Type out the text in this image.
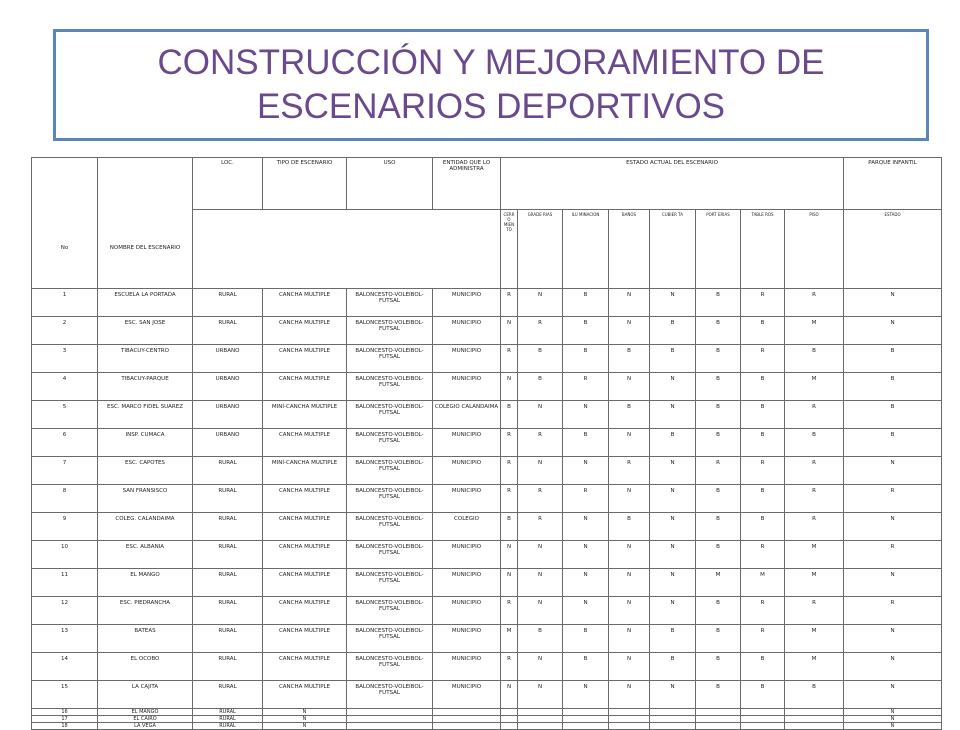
CONSTRUCCIÓN Y MEJORAMIENTO DE
ESCENARIOS DEPORTIVOS
No	NOMBRE DEL ESCENARIO	LOC.	TIPO DE ESCENARIO	USO	ENTIDAD QUE LO ADMINISTRA	ESTADO ACTUAL DEL ESCENARIO								PARQUE INFANTIL
						CERR O MIEN TO	GRADE RIAS	ILU MINACION	BAÑOS	CUBIER TA	PORT ERIAS	TABLE ROS	PISO	ESTADO
1	ESCUELA LA PORTADA	RURAL	CANCHA MULTIPLE	BALONCESTO-VOLEIBOL-FUTSAL	MUNICIPIO	R	N	B	N	N	B	R	R	N
2	ESC. SAN JOSE	RURAL	CANCHA MULTIPLE	BALONCESTO-VOLEIBOL-FUTSAL	MUNICIPIO	N	R	B	N	B	B	B	M	N
3	TIBACUY-CENTRO	URBANO	CANCHA MULTIPLE	BALONCESTO-VOLEIBOL-FUTSAL	MUNICIPIO	R	B	B	B	B	B	R	B	B
4	TIBACUY-PARQUE	URBANO	CANCHA MULTIPLE	BALONCESTO-VOLEIBOL-FUTSAL	MUNICIPIO	N	B	R	N	N	B	B	M	B
5	ESC. MARCO FIDEL SUAREZ	URBANO	MINI-CANCHA MULTIPLE	BALONCESTO-VOLEIBOL-FUTSAL	COLEGIO CALANDAIMA	B	N	N	B	N	B	B	R	B
6	INSP. CUMACA	URBANO	CANCHA MULTIPLE	BALONCESTO-VOLEIBOL-FUTSAL	MUNICIPIO	R	R	B	N	B	B	B	B	B
7	ESC. CAPOTES	RURAL	MINI-CANCHA MULTIPLE	BALONCESTO-VOLEIBOL-FUTSAL	MUNICIPIO	R	N	N	R	N	R	R	R	N
8	SAN FRANSISCO	RURAL	CANCHA MULTIPLE	BALONCESTO-VOLEIBOL-FUTSAL	MUNICIPIO	R	R	R	N	N	B	B	R	R
9	COLEG. CALANDAIMA	RURAL	CANCHA MULTIPLE	BALONCESTO-VOLEIBOL-FUTSAL	COLEGIO	B	R	N	B	N	B	B	R	N
10	ESC. ALBANIA	RURAL	CANCHA MULTIPLE	BALONCESTO-VOLEIBOL-FUTSAL	MUNICIPIO	N	N	N	N	N	B	R	M	R
11	EL MANGO	RURAL	CANCHA MULTIPLE	BALONCESTO-VOLEIBOL-FUTSAL	MUNICIPIO	N	N	N	N	N	M	M	M	N
12	ESC. PIEDRANCHA	RURAL	CANCHA MULTIPLE	BALONCESTO-VOLEIBOL-FUTSAL	MUNICIPIO	R	N	N	N	N	B	R	R	R
13	BATEAS	RURAL	CANCHA MULTIPLE	BALONCESTO-VOLEIBOL-FUTSAL	MUNICIPIO	M	B	B	N	B	B	R	M	N
14	EL OCOBO	RURAL	CANCHA MULTIPLE	BALONCESTO-VOLEIBOL-FUTSAL	MUNICIPIO	R	N	B	N	B	B	B	M	N
15	LA CAJITA	RURAL	CANCHA MULTIPLE	BALONCESTO-VOLEIBOL-FUTSAL	MUNICIPIO	N	N	N	N	N	B	B	B	N
16	EL MANGO	RURAL	N											N
17	EL CAIRO	RURAL	N											N
18	LA VEGA	RURAL	N											N
